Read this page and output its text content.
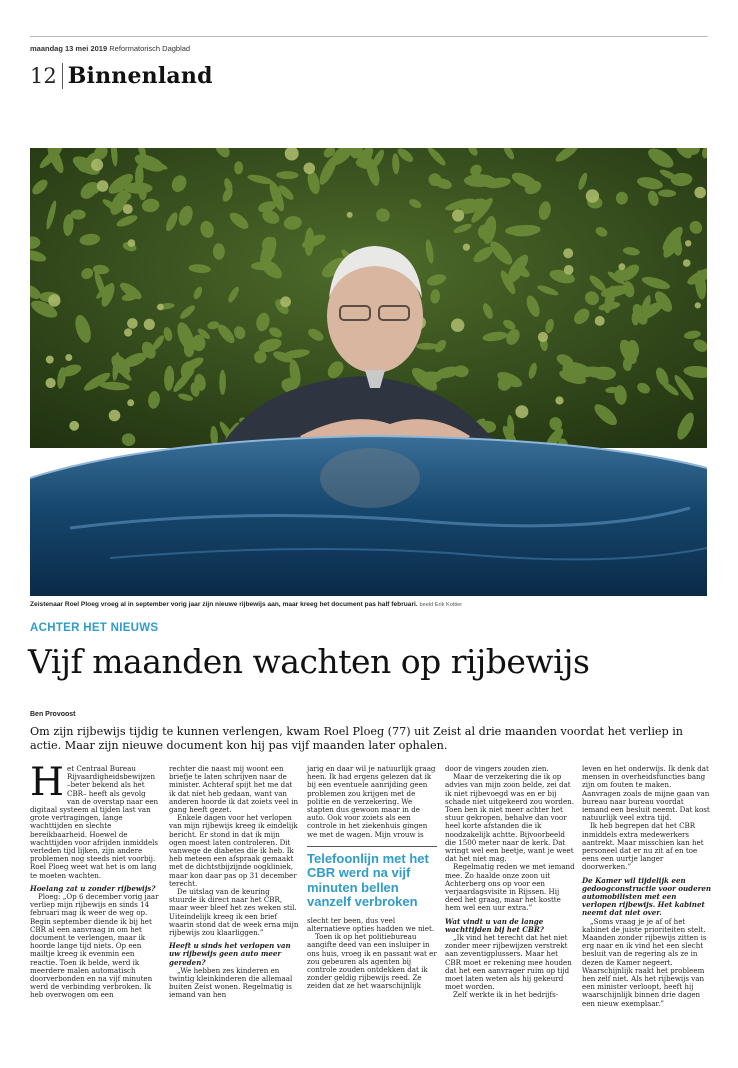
maandag 13 mei 2019 Reformatorisch Dagblad
12 Binnenland
Zeistenaar Roel Ploeg vroeg al in september vorig jaar zijn nieuwe rijbewijs aan, maar kreeg het document pas half februari. beeld Erik Kottier
ACHTER HET NIEUWS
Vijf maanden wachten op rijbewijs
Ben Provoost
Om zijn rijbewijs tijdig te kunnen verlengen, kwam Roel Ploeg (77) uit Zeist al drie maanden voordat het verliep in actie. Maar zijn nieuwe document kon hij pas vijf maanden later ophalen.
H et Centraal Bureau Rijvaardigheidsbewijzen –beter bekend als het CBR– heeft als gevolg van de overstap naar een digitaal systeem al tijden last van grote vertragingen, lange wachttijden en slechte bereikbaarheid. Hoewel de wachttijden voor afrijden inmiddels verleden tijd lijken, zijn andere problemen nog steeds niet voorbij. Roel Ploeg weet wat het is om lang te moeten wachten.

Hoelang zat u zonder rijbewijs?

Ploeg: „Op 6 december vorig jaar verliep mijn rijbewijs en sinds 14 februari mag ik weer de weg op. Begin september diende ik bij het CBR al een aanvraag in om het document te verlengen, maar ik hoorde lange tijd niets. Op een mailtje kreeg ik evenmin een reactie. Toen ik belde, werd ik meerdere malen automatisch doorverbonden en na vijf minuten werd de verbinding verbroken. Ik heb overwogen om een

rechter die naast mij woont een briefje te laten schrijven naar de minister. Achteraf spijt het me dat ik dat niet heb gedaan, want van anderen hoorde ik dat zoiets veel in gang heeft gezet.

Enkele dagen voor het verlopen van mijn rijbewijs kreeg ik eindelijk bericht. Er stond in dat ik mijn ogen moest laten controleren. Dit vanwege de diabetes die ik heb. Ik heb meteen een afspraak gemaakt met de dichtstbijzijnde oogkliniek, maar kon daar pas op 31 december terecht.

De uitslag van de keuring stuurde ik direct naar het CBR, maar weer bleef het zes weken stil. Uiteindelijk kreeg ik een brief waarin stond dat de week erna mijn rijbewijs zou klaarliggen.”

Heeft u sinds het verlopen van uw rijbewijs geen auto meer gereden?

„We hebben zes kinderen en twintig kleinkinderen die allemaal buiten Zeist wonen. Regelmatig is iemand van hen

jarig en daar wil je natuurlijk graag heen. Ik had ergens gelezen dat ik bij een eventuele aanrijding geen problemen zou krijgen met de politie en de verzekering. We stapten dus gewoon maar in de auto. Ook voor zoiets als een controle in het ziekenhuis gingen we met de wagen. Mijn vrouw is

Telefoonlijn met het CBR werd na vijf minuten bellen vanzelf verbroken

slecht ter been, dus veel alternatieve opties hadden we niet.

Toen ik op het politiebureau aangifte deed van een insluiper in ons huis, vroeg ik en passant wat er zou gebeuren als agenten bij controle zouden ontdekken dat ik zonder geldig rijbewijs reed. Ze zeiden dat ze het waarschijnlijk

door de vingers zouden zien.

Maar de verzekering die ik op advies van mijn zoon belde, zei dat ik niet rijbevoegd was en er bij schade niet uitgekeerd zou worden. Toen ben ik niet meer achter het stuur gekropen, behalve dan voor heel korte afstanden die ik noodzakelijk achtte. Bijvoorbeeld die 1500 meter naar de kerk. Dat wringt wel een beetje, want je weet dat het niet mag.

Regelmatig reden we met iemand mee. Zo haalde onze zoon uit Achterberg ons op voor een verjaardagsvisite in Rijssen. Hij deed het graag, maar het kostte hem wel een uur extra.”

Wat vindt u van de lange wachttijden bij het CBR?

„Ik vind het terecht dat het niet zonder meer rijbewijzen verstrekt aan zeventigplussers. Maar het CBR moet er rekening mee houden dat het een aanvrager ruim op tijd moet laten weten als hij gekeurd moet worden.

Zelf werkte ik in het bedrijfs-

leven en het onderwijs. Ik denk dat mensen in overheidsfuncties bang zijn om fouten te maken. Aanvragen zoals de mijne gaan van bureau naar bureau voordat iemand een besluit neemt. Dat kost natuurlijk veel extra tijd.

Ik heb begrepen dat het CBR inmiddels extra medewerkers aantrekt. Maar misschien kan het personeel dat er nu zit af en toe eens een uurtje langer doorwerken.”

De Kamer wil tijdelijk een gedoogconstructie voor ouderen automobilisten met een verlopen rijbewijs. Het kabinet neemt dat niet over.

„Soms vraag je je af of het kabinet de juiste prioriteiten stelt. Maanden zonder rijbewijs zitten is erg naar en ik vind het een slecht besluit van de regering als ze in dezen de Kamer negeert. Waarschijnlijk raakt het probleem hen zelf niet. Als het rijbewijs van een minister verloopt, heeft hij waarschijnlijk binnen drie dagen een nieuw exemplaar.”
